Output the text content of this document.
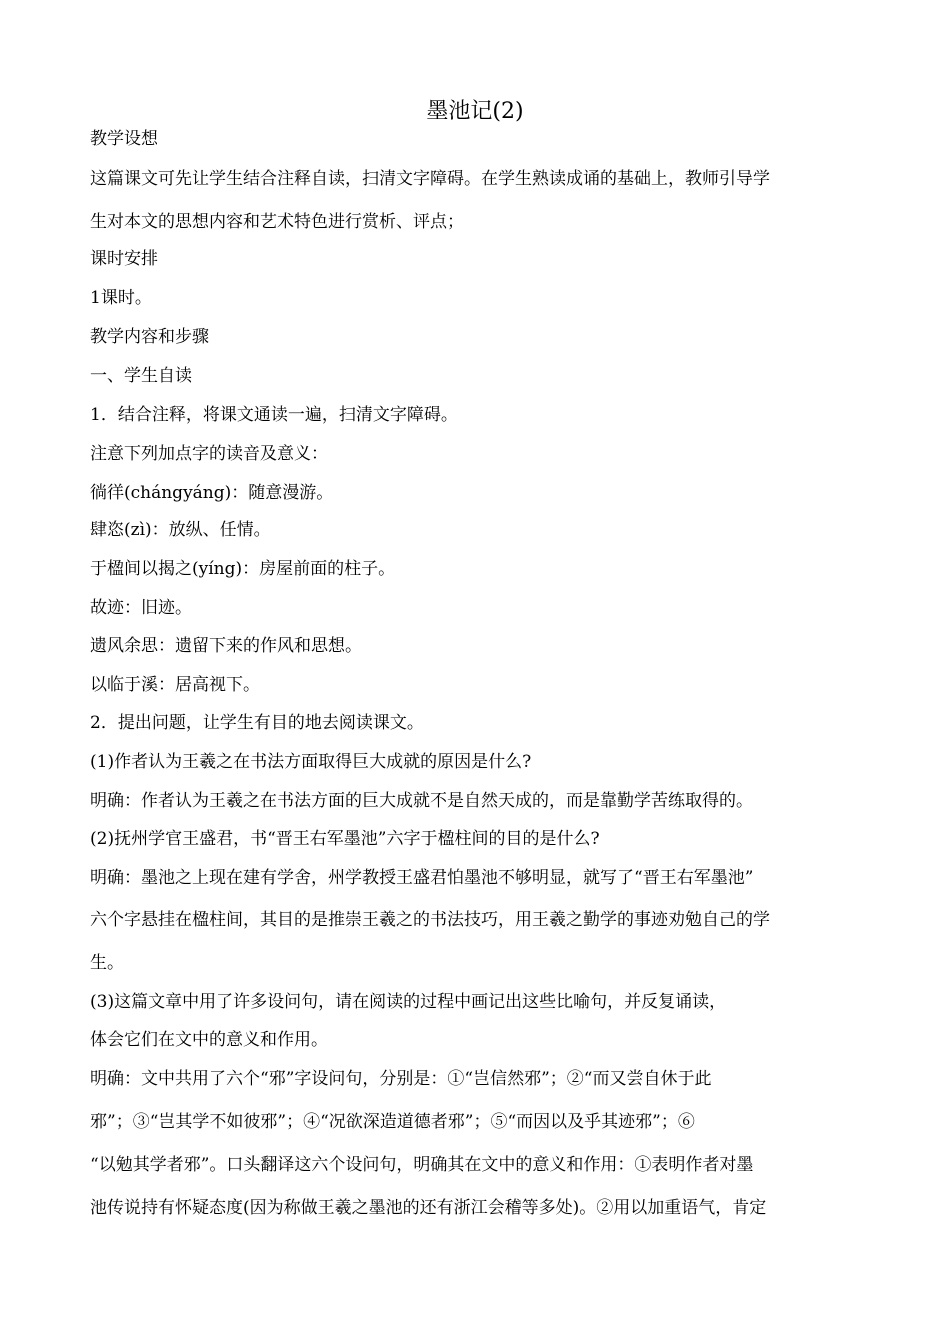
墨池记(2)
教学设想
这篇课文可先让学生结合注释自读，扫清文字障碍。在学生熟读成诵的基础上，教师引导学
生对本文的思想内容和艺术特色进行赏析、评点；
课时安排
1课时。
教学内容和步骤
一、学生自读
1．结合注释，将课文通读一遍，扫清文字障碍。
注意下列加点字的读音及意义：
徜徉(chángyáng)：随意漫游。
肆恣(zì)：放纵、任情。
于楹间以揭之(yíng)：房屋前面的柱子。
故迹：旧迹。
遗风余思：遗留下来的作风和思想。
以临于溪：居高视下。
2．提出问题，让学生有目的地去阅读课文。
(1)作者认为王羲之在书法方面取得巨大成就的原因是什么?
明确：作者认为王羲之在书法方面的巨大成就不是自然天成的，而是靠勤学苦练取得的。
(2)抚州学官王盛君，书“晋王右军墨池”六字于楹柱间的目的是什么?
明确：墨池之上现在建有学舍，州学教授王盛君怕墨池不够明显，就写了“晋王右军墨池”
六个字悬挂在楹柱间，其目的是推崇王羲之的书法技巧，用王羲之勤学的事迹劝勉自己的学
生。
(3)这篇文章中用了许多设问句，请在阅读的过程中画记出这些比喻句，并反复诵读，
体会它们在文中的意义和作用。
明确：文中共用了六个“邪”字设问句，分别是：①“岂信然邪”；②“而又尝自休于此
邪”；③“岂其学不如彼邪”；④“况欲深造道德者邪”；⑤“而因以及乎其迹邪”；⑥
“以勉其学者邪”。口头翻译这六个设问句，明确其在文中的意义和作用：①表明作者对墨
池传说持有怀疑态度(因为称做王羲之墨池的还有浙江会稽等多处)。②用以加重语气，肯定
